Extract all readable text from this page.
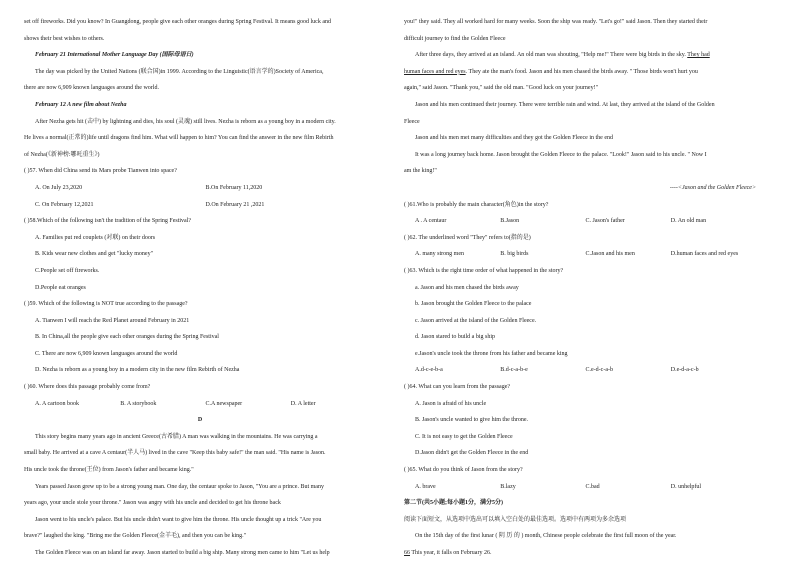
set off fireworks. Did you know? In Guangdong, people give each other oranges during Spring Festival. It means good luck and
shows their best wishes to others.
February 21 International Mother Language Day (国际母语日)
The day was picked by the United Nations (联合国)in 1999. According to the Linguistic(语言学的)Society of America,
there are now 6,909 known languages around the world.
February 12 A new film about Nezha
After Nezha gets hit (击中) by lightning and dies, his soul (灵魂) still lives. Nezha is reborn as a young boy in a modern city.
He lives a normal(正常的)life until dragons find him. What will happen to him? You can find the answer in the new film Rebirth
of Nezha(《新神榜:哪吒重生》)
( )57. When did China send its Mars probe Tianwen into space?
A. On July 23,2020	B.On February 11,2020
C. On February 12,2021	D.On February 21 ,2021
( )58.Which of the following isn't the tradition of the Spring Festival?
A. Families put red couplets (对联) on their doors
B. Kids wear new clothes and get "lucky money"
C.People set off fireworks.
D.People eat oranges
( )59. Which of the following is NOT true according to the passage?
A. Tianwen I will reach the Red Planet around February in 2021
B. In China,all the people give each other oranges during the Spring Festival
C. There are now 6,909 known languages around the world
D. Nezha is reborn as a young boy in a modern city in the new film Rebirth of Nezha
( )60. Where does this passage probably come from?
A. A cartoon book	B. A storybook	C.A newspaper	D. A letter
D
This story begins many years ago in ancient Greece(古希腊) A man was walking in the mountains. He was carrying a
small baby. He arrived at a cave A centaur(半人马) lived in the cave "Keep this baby safe!" the man said. "His name is Jason.
His uncle took the throne(王位) from Jason's father and became king."
Years passed Jason grew up to be a strong young man. One day, the centaur spoke to Jason, "You are a prince. But many
years ago, your uncle stole your throne." Jason was angry with his uncle and decided to get his throne back
Jason went to his uncle's palace. But his uncle didn't want to give him the throne. His uncle thought up a trick "Are you
brave?" laughed the king. "Bring me the Golden Fleece(金羊毛), and then you can be king."
The Golden Fleece was on an island far away. Jason started to build a big ship. Many strong men came to him "Let us help
you!" they said. They all worked hard for many weeks. Soon the ship was ready. "Let's go!" said Jason. Then they started their
difficult journey to find the Golden Fleece
After three days, they arrived at an island. An old man was shouting, "Help me!" There were big birds in the sky. They had
human faces and red eyes. They ate the man's food. Jason and his men chased the birds away. " Those birds won't hurt you
again," said Jason. "Thank you," said the old man. "Good luck on your journey!"
Jason and his men continued their journey. There were terrible rain and wind. At last, they arrived at the island of the Golden
Fleece
Jason and his men met many difficulties and they got the Golden Fleece in the end
It was a long journey back home. Jason brought the Golden Fleece to the palace. "Look!" Jason said to his uncle. " Now I
am the king!"
----<Jason and the Golden Fleece>
( )61.Who is probably the main character(角色)in the story?
A . A centaur	B.Jason	C. Jason's father	D. An old man
( )62. The underlined word "They" refers to(指的是)
A. many strong men	B. big birds	C.Jason and his men	D.human faces and red eyes
( )63. Which is the right time order of what happened in the story?
a. Jason and his men chased the birds away
b. Jason brought the Golden Fleece to the palace
c. Jason arrived at the island of the Golden Fleece.
d. Jason stared to build a big ship
e.Jason's uncle took the throne from his father and became king
A.d-c-e-b-a	B.d-c-a-b-e	C.e-d-c-a-b	D.e-d-a-c-b
( )64. What can you learn from the passage?
A. Jason is afraid of his uncle
B. Jason's uncle wanted to give him the throne.
C. It is not easy to get the Golden Fleece
D.Jason didn't get the Golden Fleece in the end
( )65. What do you think of Jason from the story?
A. brave	B.lazy	C.bad	D. unhelpful
第二节(共5小题;每小题1分，满分5分)
阅读下面短文，从选项中选出可以填入空白处的最佳选项。选项中有两项为多余选项
On the 15th day of the first lunar ( 阴 历 的 ) month, Chinese people celebrate the first full moon of the year.
66 This year, it falls on February 26.
